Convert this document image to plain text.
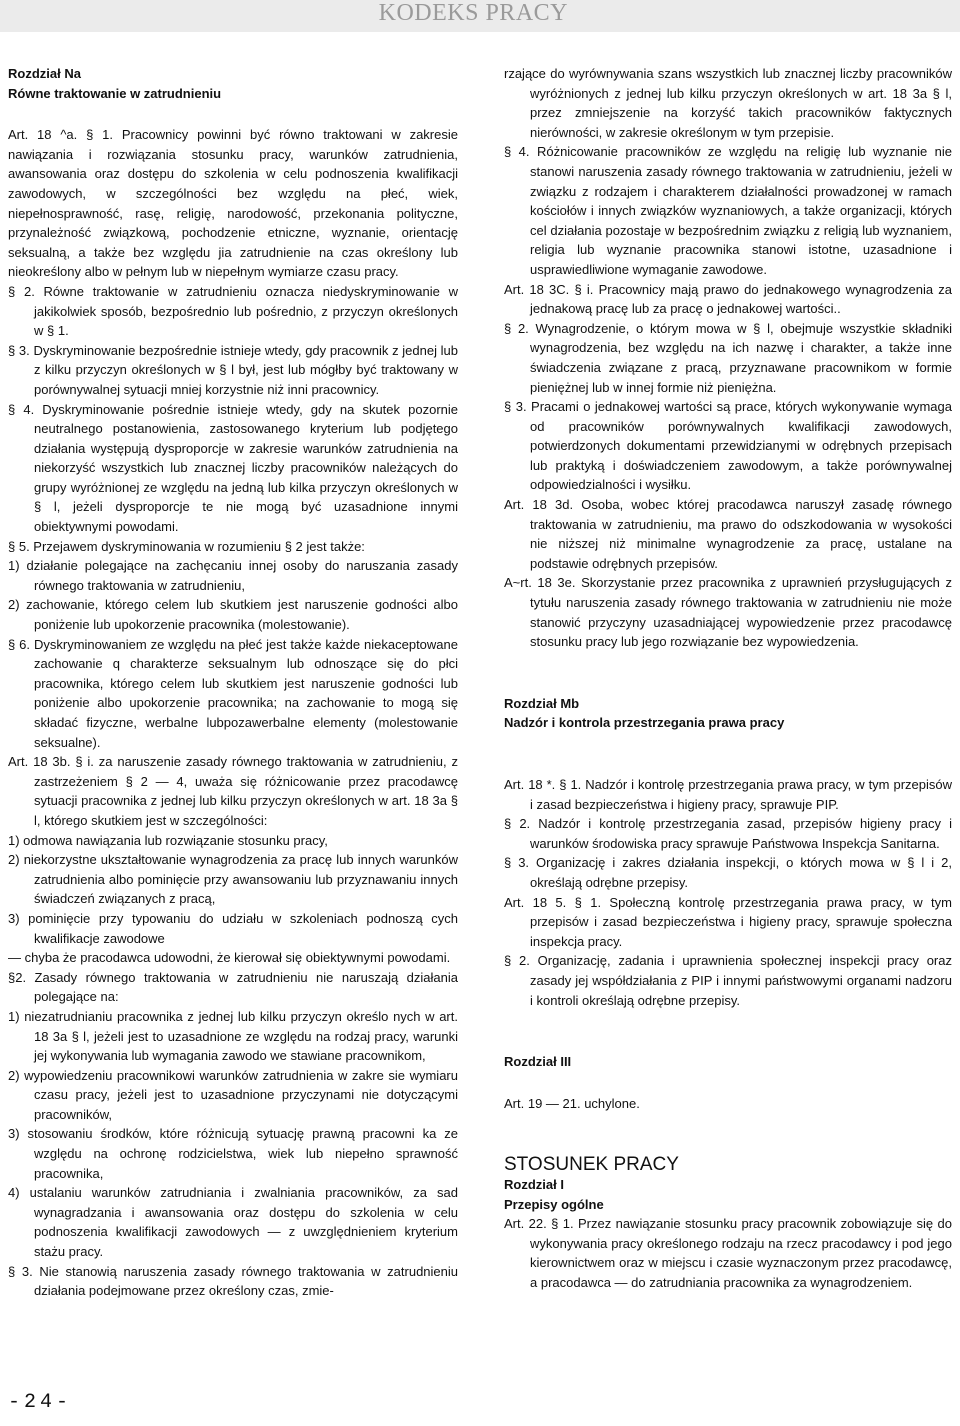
KODEKS PRACY

Rozdział Na

Równe traktowanie w zatrudnieniu

Art. 18 ^a. § 1. Pracownicy powinni być równo traktowani w zakresie nawiązania i rozwiązania stosunku pracy, warunków zatrudnienia, awansowania oraz dostępu do szkolenia w celu podnoszenia kwalifikacji zawodowych, w szczególności bez względu na płeć, wiek, niepełnosprawność, rasę, religię, narodowość, przekonania polityczne, przynależność związkową, pochodzenie etniczne, wyznanie, orientację seksualną, a także bez względu jia zatrudnienie na czas określony lub nieokreślony albo w pełnym lub w niepełnym wymiarze czasu pracy.

§ 2. Równe traktowanie w zatrudnieniu oznacza niedyskryminowanie w jakikolwiek sposób, bezpośrednio lub pośrednio, z przyczyn określonych w § 1.

§ 3. Dyskryminowanie bezpośrednie istnieje wtedy, gdy pracownik z jednej lub z kilku przyczyn określonych w § l był, jest lub mógłby być traktowany w porównywalnej sytuacji mniej korzystnie niż inni pracownicy.

§ 4. Dyskryminowanie pośrednie istnieje wtedy, gdy na skutek pozornie neutralnego postanowienia, zastosowanego kryterium lub podjętego działania występują dysproporcje w zakresie warunków zatrudnienia na niekorzyść wszystkich lub znacznej liczby pracowników należących do grupy wyróżnionej ze względu na jedną lub kilka przyczyn określonych w § l, jeżeli dysproporcje te nie mogą być uzasadnione innymi obiektywnymi powodami.

§ 5. Przejawem dyskryminowania w rozumieniu § 2 jest także:

1) działanie polegające na zachęcaniu innej osoby do naruszania zasady równego traktowania w zatrudnieniu,

2) zachowanie, którego celem lub skutkiem jest naruszenie godności albo poniżenie lub upokorzenie pracownika (molestowanie).

§ 6. Dyskryminowaniem ze względu na płeć jest także każde niekaceptowane zachowanie q charakterze seksualnym lub odnoszące się do płci pracownika, którego celem lub skutkiem jest naruszenie godności lub poniżenie albo upokorzenie pracownika; na zachowanie to mogą się składać fizyczne, werbalne lubpozawerbalne elementy (molestowanie seksualne).

Art. 18 3b. § i. za naruszenie zasady równego traktowania w zatrudnieniu, z zastrzeżeniem § 2 — 4, uważa się różnicowanie przez pracodawcę sytuacji pracownika z jednej lub kilku przyczyn określonych w art. 18 3a § l, którego skutkiem jest w szczególności:

1) odmowa nawiązania lub rozwiązanie stosunku pracy,

2) niekorzystne ukształtowanie wynagrodzenia za pracę lub innych warunków zatrudnienia albo pominięcie przy awansowaniu lub przyznawaniu innych świadczeń związanych z pracą,

3) pominięcie przy typowaniu do udziału w szkoleniach podnoszą cych kwalifikacje zawodowe

— chyba że pracodawca udowodni, że kierował się obiektywnymi powodami.

§2. Zasady równego traktowania w zatrudnieniu nie naruszają działania polegające na:

1) niezatrudnianiu pracownika z jednej lub kilku przyczyn określo nych w art. 18 3a § l, jeżeli jest to uzasadnione ze względu na rodzaj pracy, warunki jej wykonywania lub wymagania zawodo we stawiane pracownikom,

2) wypowiedzeniu pracownikowi warunków zatrudnienia w zakre sie wymiaru czasu pracy, jeżeli jest to uzasadnione przyczynami nie dotyczącymi pracowników,

3) stosowaniu środków, które różnicują sytuację prawną pracowni ka ze względu na ochronę rodzicielstwa, wiek lub niepełno sprawność pracownika,

4) ustalaniu warunków zatrudniania i zwalniania pracowników, za sad wynagradzania i awansowania oraz dostępu do szkolenia w celu podnoszenia kwalifikacji zawodowych — z uwzględnieniem kryterium stażu pracy.

§ 3. Nie stanowią naruszenia zasady równego traktowania w zatrudnieniu działania podejmowane przez określony czas, zmie-

rzające do wyrównywania szans wszystkich lub znacznej liczby pracowników wyróżnionych z jednej lub kilku przyczyn określonych w art. 18 3a § l, przez zmniejszenie na korzyść takich pracowników faktycznych nierówności, w zakresie określonym w tym przepisie.

§ 4. Różnicowanie pracowników ze względu na religię lub wyznanie nie stanowi naruszenia zasady równego traktowania w zatrudnieniu, jeżeli w związku z rodzajem i charakterem działalności prowadzonej w ramach kościołów i innych związków wyznaniowych, a także organizacji, których cel działania pozostaje w bezpośrednim związku z religią lub wyznaniem, religia lub wyznanie pracownika stanowi istotne, uzasadnione i usprawiedliwione wymaganie zawodowe.

Art. 18 3C. § i. Pracownicy mają prawo do jednakowego wynagrodzenia za jednakową pracę lub za pracę o jednakowej wartości..

§ 2. Wynagrodzenie, o którym mowa w § l, obejmuje wszystkie składniki wynagrodzenia, bez względu na ich nazwę i charakter, a także inne świadczenia związane z pracą, przyznawane pracownikom w formie pieniężnej lub w innej formie niż pieniężna.

§ 3. Pracami o jednakowej wartości są prace, których wykonywanie wymaga od pracowników porównywalnych kwalifikacji zawodowych, potwierdzonych dokumentami przewidzianymi w odrębnych przepisach lub praktyką i doświadczeniem zawodowym, a także porównywalnej odpowiedzialności i wysiłku.

Art. 18 3d. Osoba, wobec której pracodawca naruszył zasadę równego traktowania w zatrudnieniu, ma prawo do odszkodowania w wysokości nie niższej niż minimalne wynagrodzenie za pracę, ustalane na podstawie odrębnych przepisów.

A~rt. 18 3e. Skorzystanie przez pracownika z uprawnień przysługujących z tytułu naruszenia zasady równego traktowania w zatrudnieniu nie może stanowić przyczyny uzasadniającej wypowiedzenie przez pracodawcę stosunku pracy lub jego rozwiązanie bez wypowiedzenia.

Rozdział Mb

Nadzór i kontrola przestrzegania prawa pracy

Art. 18 *. § 1. Nadzór i kontrolę przestrzegania prawa pracy, w tym przepisów i zasad bezpieczeństwa i higieny pracy, sprawuje PIP.

§ 2. Nadzór i kontrolę przestrzegania zasad, przepisów higieny pracy i warunków środowiska pracy sprawuje Państwowa Inspekcja Sanitarna.

§ 3. Organizację i zakres działania inspekcji, o których mowa w § l i 2, określają odrębne przepisy.

Art. 18 5. § 1. Społeczną kontrolę przestrzegania prawa pracy, w tym przepisów i zasad bezpieczeństwa i higieny pracy, sprawuje społeczna inspekcja pracy.

§ 2. Organizację, zadania i uprawnienia społecznej inspekcji pracy oraz zasady jej współdziałania z PIP i innymi państwowymi organami nadzoru i kontroli określają odrębne przepisy.

Rozdział III

Art. 19 — 21. uchylone.

STOSUNEK PRACY

Rozdział I

Przepisy ogólne

Art. 22. § 1. Przez nawiązanie stosunku pracy pracownik zobowiązuje się do wykonywania pracy określonego rodzaju na rzecz pracodawcy i pod jego kierownictwem oraz w miejscu i czasie wyznaczonym przez pracodawcę, a pracodawca — do zatrudniania pracownika za wynagrodzeniem.

-24-
